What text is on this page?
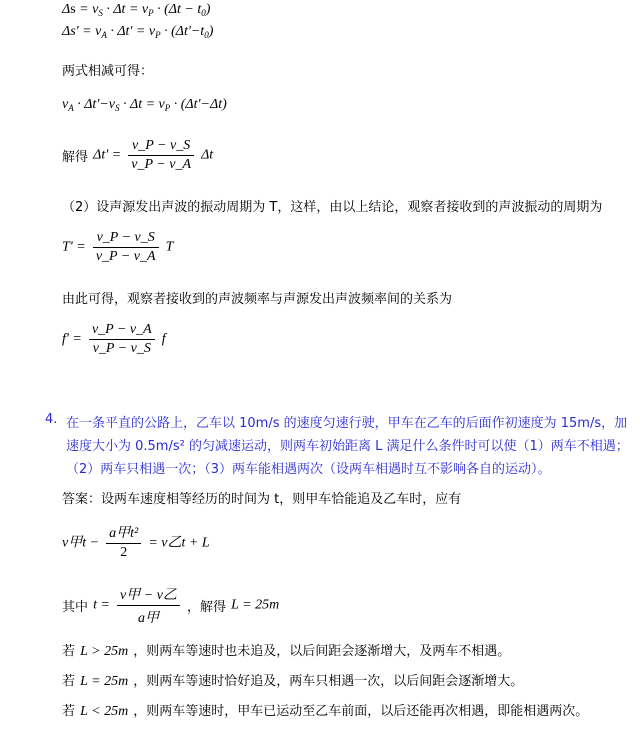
$\Delta s = v_S \cdot \Delta t = v_P \cdot (\Delta t - t_0)$
$\Delta s' = v_A \cdot \Delta t' = v_P \cdot (\Delta t'-t_0)$
两式相减可得：
$v_A \cdot \Delta t'-v_S \cdot \Delta t = v_P \cdot (\Delta t'-\Delta t)$
解得 $\Delta t' = \frac{v\_P - v\_S}{v\_P - v\_A}$ Δt
（2）设声源发出声波的振动周期为 T，这样，由以上结论，观察者接收到的声波振动的周期为
$T' = \frac{v\_P - v\_S}{v\_P - v\_A}$ T
由此可得，观察者接收到的声波频率与声源发出声波频率间的关系为
$f' = \frac{v\_P - v\_A}{v\_P - v\_S}$ f
4. 在一条平直的公路上，乙车以 10m/s 的速度匀速行驶，甲车在乙车的后面作初速度为 15m/s，加
速度大小为 0.5m/s² 的匀减速运动，则两车初始距离 L 满足什么条件时可以使（1）两车不相遇；
（2）两车只相遇一次；（3）两车能相遇两次（设两车相遇时互不影响各自的运动）。
答案：设两车速度相等经历的时间为 t，则甲车恰能追及乙车时，应有
v甲$t - \frac{\text{a甲t²}}{2} = v$乙t + L
其中 $t = \frac{\text{v甲 − v乙}}{\text{a甲}}$ ，解得 L = 25m
若 L > 25m ，则两车等速时也未追及，以后间距会逐渐增大，及两车不相遇。
若 L = 25m ，则两车等速时恰好追及，两车只相遇一次，以后间距会逐渐增大。
若 L < 25m ，则两车等速时，甲车已运动至乙车前面，以后还能再次相遇，即能相遇两次。
